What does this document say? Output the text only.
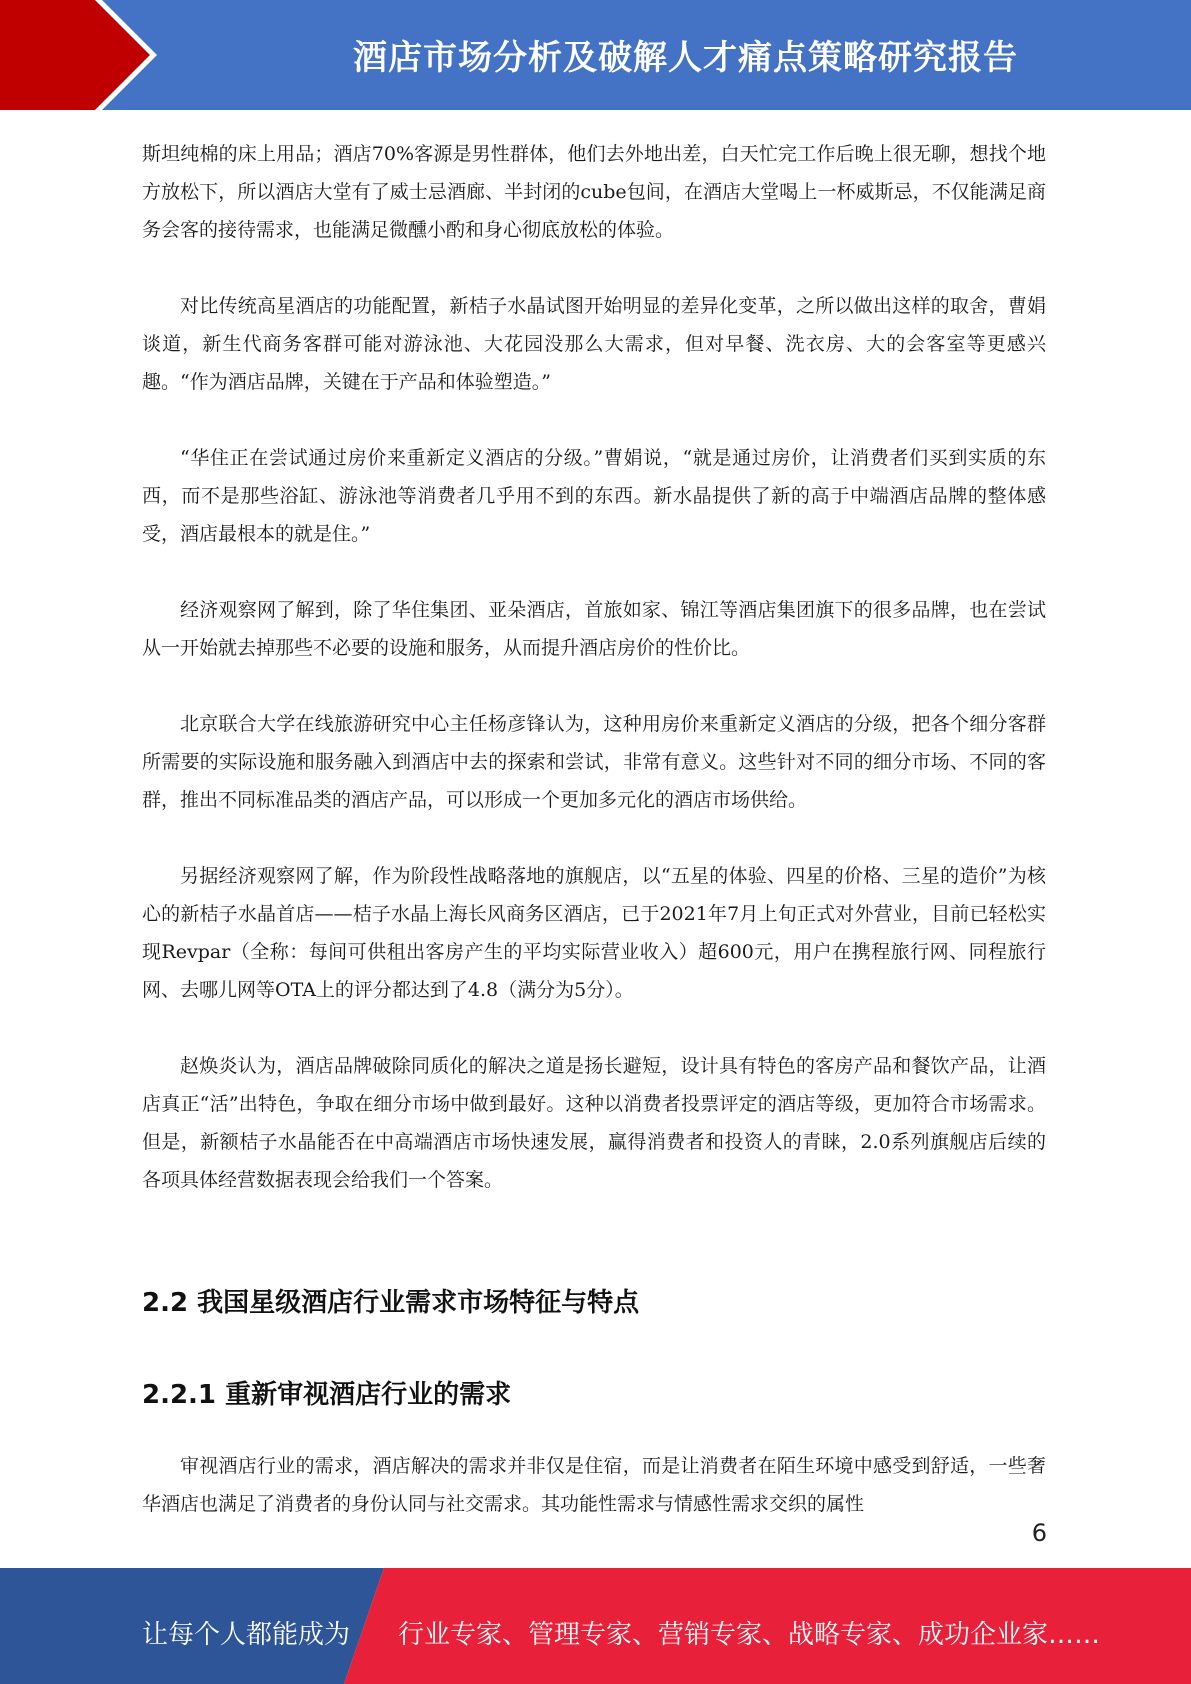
酒店市场分析及破解人才痛点策略研究报告

斯坦纯棉的床上用品；酒店70%客源是男性群体，他们去外地出差，白天忙完工作后晚上很无聊，想找个地方放松下，所以酒店大堂有了威士忌酒廊、半封闭的cube包间，在酒店大堂喝上一杯威斯忌，不仅能满足商务会客的接待需求，也能满足微醺小酌和身心彻底放松的体验。

对比传统高星酒店的功能配置，新桔子水晶试图开始明显的差异化变革，之所以做出这样的取舍，曹娟谈道，新生代商务客群可能对游泳池、大花园没那么大需求，但对早餐、洗衣房、大的会客室等更感兴趣。“作为酒店品牌，关键在于产品和体验塑造。”

“华住正在尝试通过房价来重新定义酒店的分级。”曹娟说，“就是通过房价，让消费者们买到实质的东西，而不是那些浴缸、游泳池等消费者几乎用不到的东西。新水晶提供了新的高于中端酒店品牌的整体感受，酒店最根本的就是住。”

经济观察网了解到，除了华住集团、亚朵酒店，首旅如家、锦江等酒店集团旗下的很多品牌，也在尝试从一开始就去掉那些不必要的设施和服务，从而提升酒店房价的性价比。

北京联合大学在线旅游研究中心主任杨彦锋认为，这种用房价来重新定义酒店的分级，把各个细分客群所需要的实际设施和服务融入到酒店中去的探索和尝试，非常有意义。这些针对不同的细分市场、不同的客群，推出不同标准品类的酒店产品，可以形成一个更加多元化的酒店市场供给。

另据经济观察网了解，作为阶段性战略落地的旗舰店，以“五星的体验、四星的价格、三星的造价”为核心的新桔子水晶首店——桔子水晶上海长风商务区酒店，已于2021年7月上旬正式对外营业，目前已轻松实现Revpar（全称：每间可供租出客房产生的平均实际营业收入）超600元，用户在携程旅行网、同程旅行网、去哪儿网等OTA上的评分都达到了4.8（满分为5分）。

赵焕炎认为，酒店品牌破除同质化的解决之道是扬长避短，设计具有特色的客房产品和餐饮产品，让酒店真正“活”出特色，争取在细分市场中做到最好。这种以消费者投票评定的酒店等级，更加符合市场需求。但是，新额桔子水晶能否在中高端酒店市场快速发展，赢得消费者和投资人的青睐，2.0系列旗舰店后续的各项具体经营数据表现会给我们一个答案。

2.2 我国星级酒店行业需求市场特征与特点
2.2.1 重新审视酒店行业的需求

审视酒店行业的需求，酒店解决的需求并非仅是住宿，而是让消费者在陌生环境中感受到舒适，一些奢华酒店也满足了消费者的身份认同与社交需求。其功能性需求与情感性需求交织的属性

6
让每个人都能成为 行业专家、管理专家、营销专家、战略专家、成功企业家……
